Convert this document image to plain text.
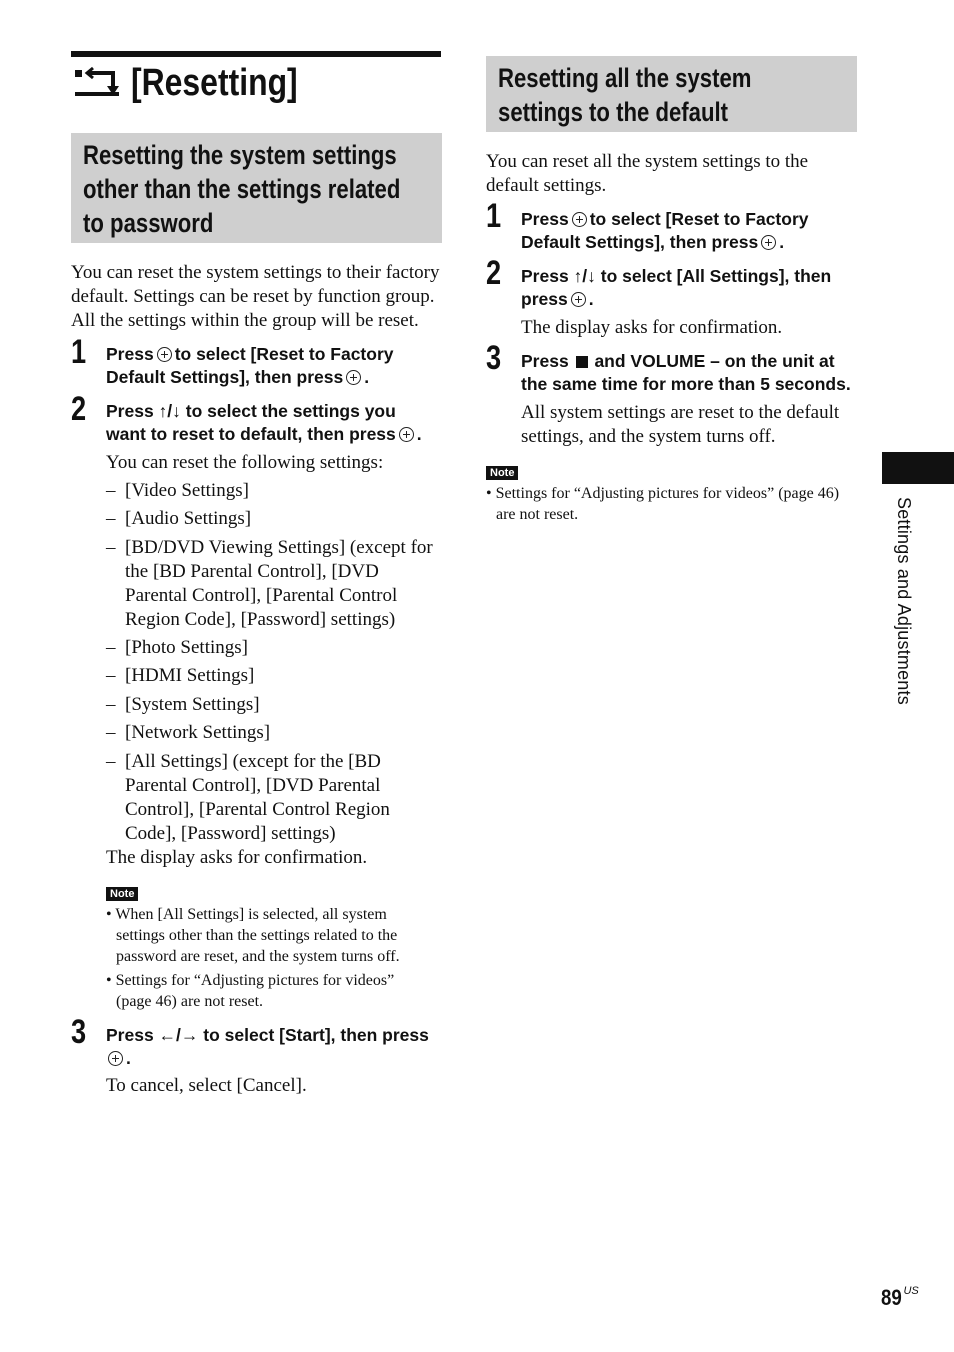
[Resetting]
Resetting the system settings
other than the settings related
to password
You can reset the system settings to their factory
default. Settings can be reset by function group.
All the settings within the group will be reset.
1 Press to select [Reset to Factory
Default Settings], then press .
2 Press ↑/↓ to select the settings you
want to reset to default, then press .
You can reset the following settings:
– [Video Settings]
– [Audio Settings]
– [BD/DVD Viewing Settings] (except for
the [BD Parental Control], [DVD
Parental Control], [Parental Control
Region Code], [Password] settings)
– [Photo Settings]
– [HDMI Settings]
– [System Settings]
– [Network Settings]
– [All Settings] (except for the [BD
Parental Control], [DVD Parental
Control], [Parental Control Region
Code], [Password] settings)
The display asks for confirmation.
Note
• When [All Settings] is selected, all system
settings other than the settings related to the
password are reset, and the system turns off.
• Settings for “Adjusting pictures for videos”
(page 46) are not reset.
3 Press ←/→ to select [Start], then press
.
To cancel, select [Cancel].
Resetting all the system
settings to the default
You can reset all the system settings to the
default settings.
1 Press to select [Reset to Factory
Default Settings], then press .
2 Press ↑/↓ to select [All Settings], then
press .
The display asks for confirmation.
3 Press and VOLUME – on the unit at
the same time for more than 5 seconds.
All system settings are reset to the default
settings, and the system turns off.
Note
• Settings for “Adjusting pictures for videos” (page 46)
are not reset.	Settings and Adjustments
89 $^{US}$
